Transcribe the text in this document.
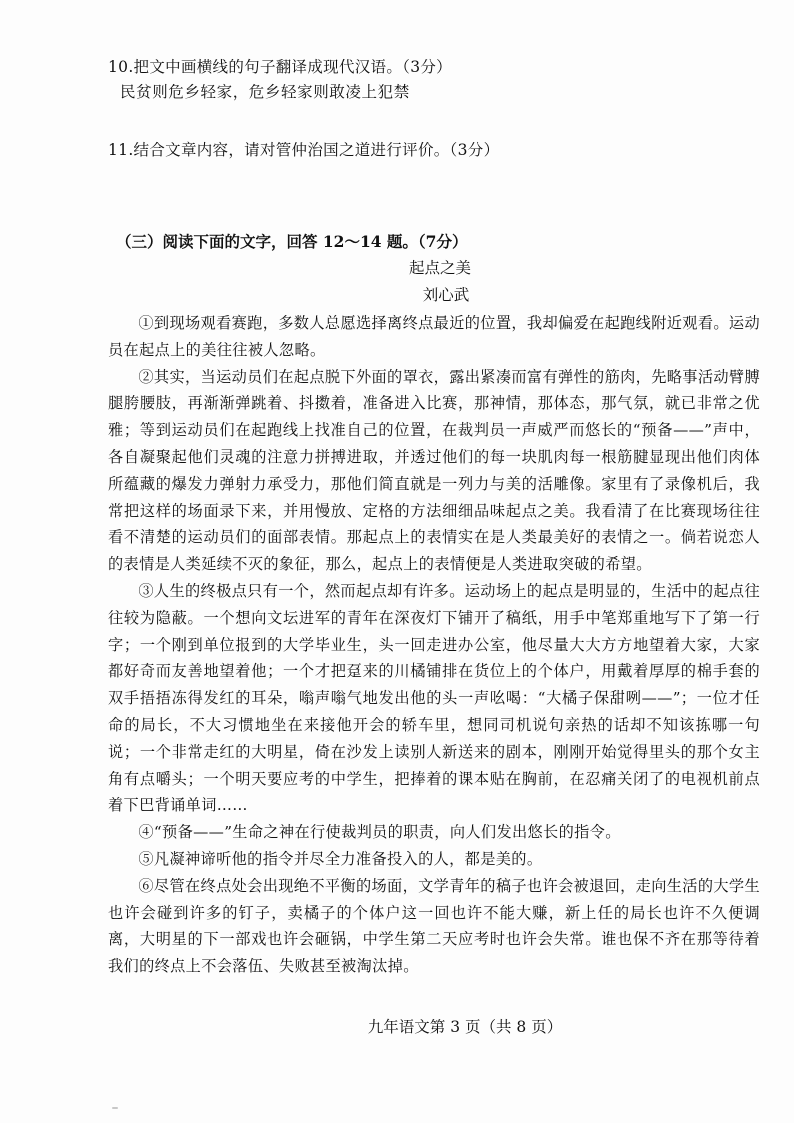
10.把文中画横线的句子翻译成现代汉语。（3分）
民贫则危乡轻家，危乡轻家则敢凌上犯禁
11.结合文章内容，请对管仲治国之道进行评价。（3分）
（三）阅读下面的文字，回答 12～14 题。（7分）
起点之美
刘心武

①到现场观看赛跑，多数人总愿选择离终点最近的位置，我却偏爱在起跑线附近观看。运动员在起点上的美往往被人忽略。

②其实，当运动员们在起点脱下外面的罩衣，露出紧凑而富有弹性的筋肉，先略事活动臂膊腿胯腰肢，再渐渐弹跳着、抖擞着，准备进入比赛，那神情，那体态，那气氛，就已非常之优雅；等到运动员们在起跑线上找准自己的位置，在裁判员一声威严而悠长的“预备——”声中，各自凝聚起他们灵魂的注意力拼搏进取，并透过他们的每一块肌肉每一根筋腱显现出他们肉体所蕴藏的爆发力弹射力承受力，那他们简直就是一列力与美的活雕像。家里有了录像机后，我常把这样的场面录下来，并用慢放、定格的方法细细品味起点之美。我看清了在比赛现场往往看不清楚的运动员们的面部表情。那起点上的表情实在是人类最美好的表情之一。倘若说恋人的表情是人类延续不灭的象征，那么，起点上的表情便是人类进取突破的希望。

③人生的终极点只有一个，然而起点却有许多。运动场上的起点是明显的，生活中的起点往往较为隐蔽。一个想向文坛进军的青年在深夜灯下铺开了稿纸，用手中笔郑重地写下了第一行字；一个刚到单位报到的大学毕业生，头一回走进办公室，他尽量大大方方地望着大家，大家都好奇而友善地望着他；一个才把趸来的川橘铺排在货位上的个体户，用戴着厚厚的棉手套的双手捂捂冻得发红的耳朵，嗡声嗡气地发出他的头一声吆喝：“大橘子保甜咧——”；一位才任命的局长，不大习惯地坐在来接他开会的轿车里，想同司机说句亲热的话却不知该拣哪一句说；一个非常走红的大明星，倚在沙发上读别人新送来的剧本，刚刚开始觉得里头的那个女主角有点嚼头；一个明天要应考的中学生，把捧着的课本贴在胸前，在忍痛关闭了的电视机前点着下巴背诵单词……

④“预备——”生命之神在行使裁判员的职责，向人们发出悠长的指令。

⑤凡凝神谛听他的指令并尽全力准备投入的人，都是美的。

⑥尽管在终点处会出现绝不平衡的场面，文学青年的稿子也许会被退回，走向生活的大学生也许会碰到许多的钉子，卖橘子的个体户这一回也许不能大赚，新上任的局长也许不久便调离，大明星的下一部戏也许会砸锅，中学生第二天应考时也许会失常。谁也保不齐在那等待着我们的终点上不会落伍、失败甚至被淘汰掉。

九年语文第 3 页（共 8 页）
